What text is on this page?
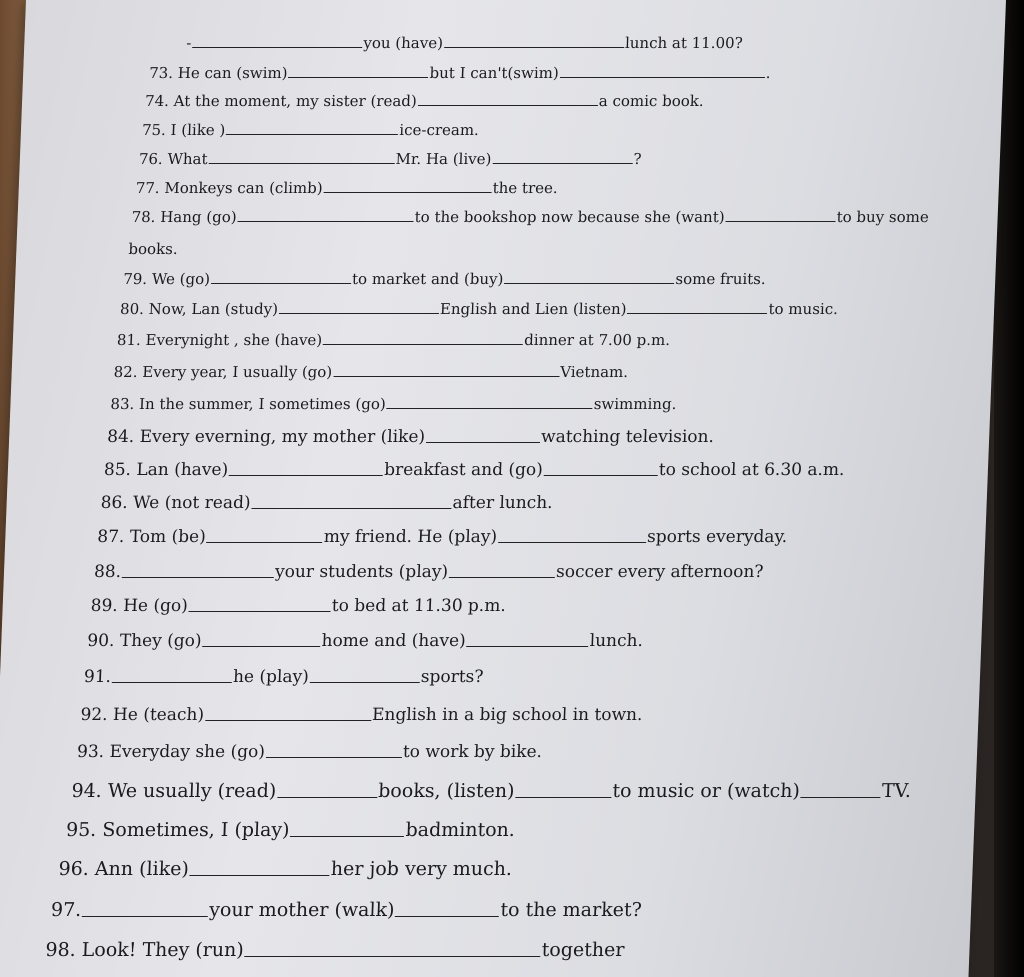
-	you (have)	lunch at 11.00?
73. He can (swim)	but I can't(swim)	.
74. At the moment, my sister (read)	a comic book.
75. I (like )	ice-cream.
76. What	Mr. Ha (live)	?
77. Monkeys can (climb)	the tree.
78. Hang (go)	to the bookshop now because she (want)	to buy some
books.
79. We (go)	to market and (buy)	some fruits.
80. Now, Lan (study)	English and Lien (listen)	to music.
81. Everynight , she (have)	dinner at 7.00 p.m.
82. Every year, I usually (go)	Vietnam.
83. In the summer, I sometimes (go)	swimming.
84. Every everning, my mother (like)	watching television.
85. Lan (have)	breakfast and (go)	to school at 6.30 a.m.
86. We (not read)	after lunch.
87. Tom (be)	my friend. He (play)	sports everyday.
88.	your students (play)	soccer every afternoon?
89. He (go)	to bed at 11.30 p.m.
90. They (go)	home and (have)	lunch.
91.	he (play)	sports?
92. He (teach)	English in a big school in town.
93. Everyday she (go)	to work by bike.
94. We usually (read)	books, (listen)	to music or (watch)	TV.
95. Sometimes, I (play)	badminton.
96. Ann (like)	her job very much.
97.	your mother (walk)	to the market?
98. Look! They (run)	together
